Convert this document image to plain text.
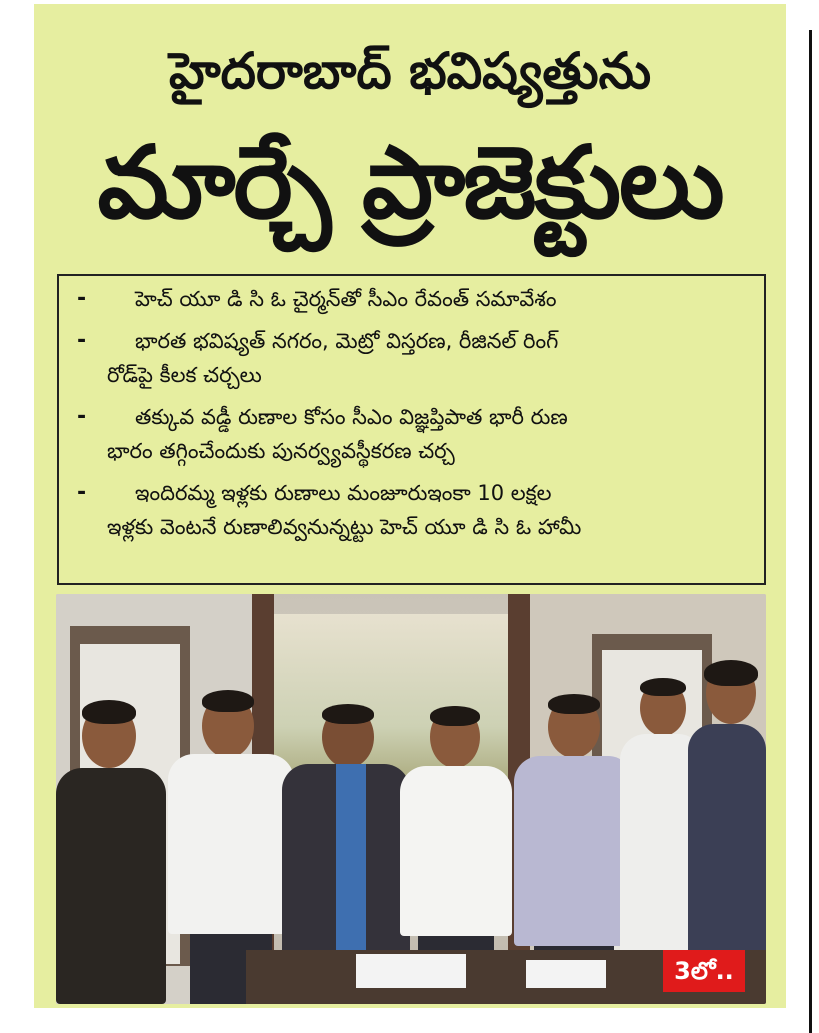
హైదరాబాద్ భవిష్యత్తును
మార్చే ప్రాజెక్టులు
- హెచ్ యూ డి సి ఓ చైర్మన్‌తో సీఎం రేవంత్ సమావేశం
- భారత భవిష్యత్ నగరం, మెట్రో విస్తరణ, రీజినల్ రింగ్
రోడ్‌పై కీలక చర్చలు
- తక్కువ వడ్డీ రుణాల కోసం సీఎం విజ్ఞప్తిపాత భారీ రుణ
భారం తగ్గించేందుకు పునర్వ్యవస్థీకరణ చర్చ
- ఇందిరమ్మ ఇళ్లకు రుణాలు మంజూరుఇంకా 10 లక్షల
ఇళ్లకు వెంటనే రుణాలివ్వనున్నట్టు హెచ్ యూ డి సి ఓ హామీ
3లో..
